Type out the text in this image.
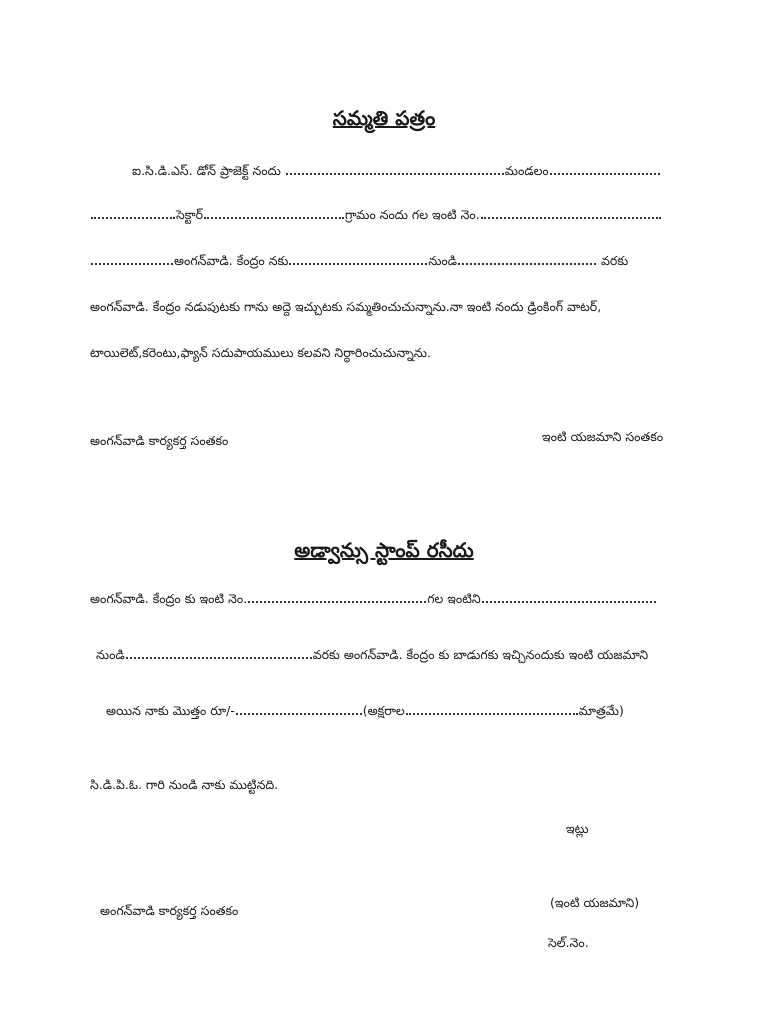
సమ్మతి పత్రం
ఐ.సి.డి.ఎస్. డోన్ ప్రాజెక్ట్ నందు	మండలం
సెక్టార్	గ్రామం నందు గల ఇంటి నెం.
అంగన్‌వాడి. కేంద్రం నకు	నుండి	వరకు
అంగన్‌వాడి. కేంద్రం నడుపుటకు గాను అద్దె ఇచ్చుటకు సమ్మతించుచున్నాను.నా ఇంటి నందు డ్రింకింగ్ వాటర్,
టాయిలెట్,కరెంటు,ఫ్యాన్ సదుపాయములు కలవని నిర్ధారించుచున్నాను.
అంగన్‌వాడి కార్యకర్త సంతకం	ఇంటి యజమాని సంతకం
అడ్వాన్సు స్టాంప్ రసీదు
అంగన్‌వాడి. కేంద్రం కు ఇంటి నెం.	గల ఇంటిని
నుండి	వరకు అంగన్‌వాడి. కేంద్రం కు బాడుగకు ఇచ్చినందుకు ఇంటి యజమాని
అయిన నాకు మొత్తం రూ/-	(అక్షరాల	మాత్రమే)
సి.డి.పి.ఓ. గారి నుండి నాకు ముట్టినది.
ఇట్లు
అంగన్‌వాడి కార్యకర్త సంతకం
(ఇంటి యజమాని)
సెల్.నెం.
